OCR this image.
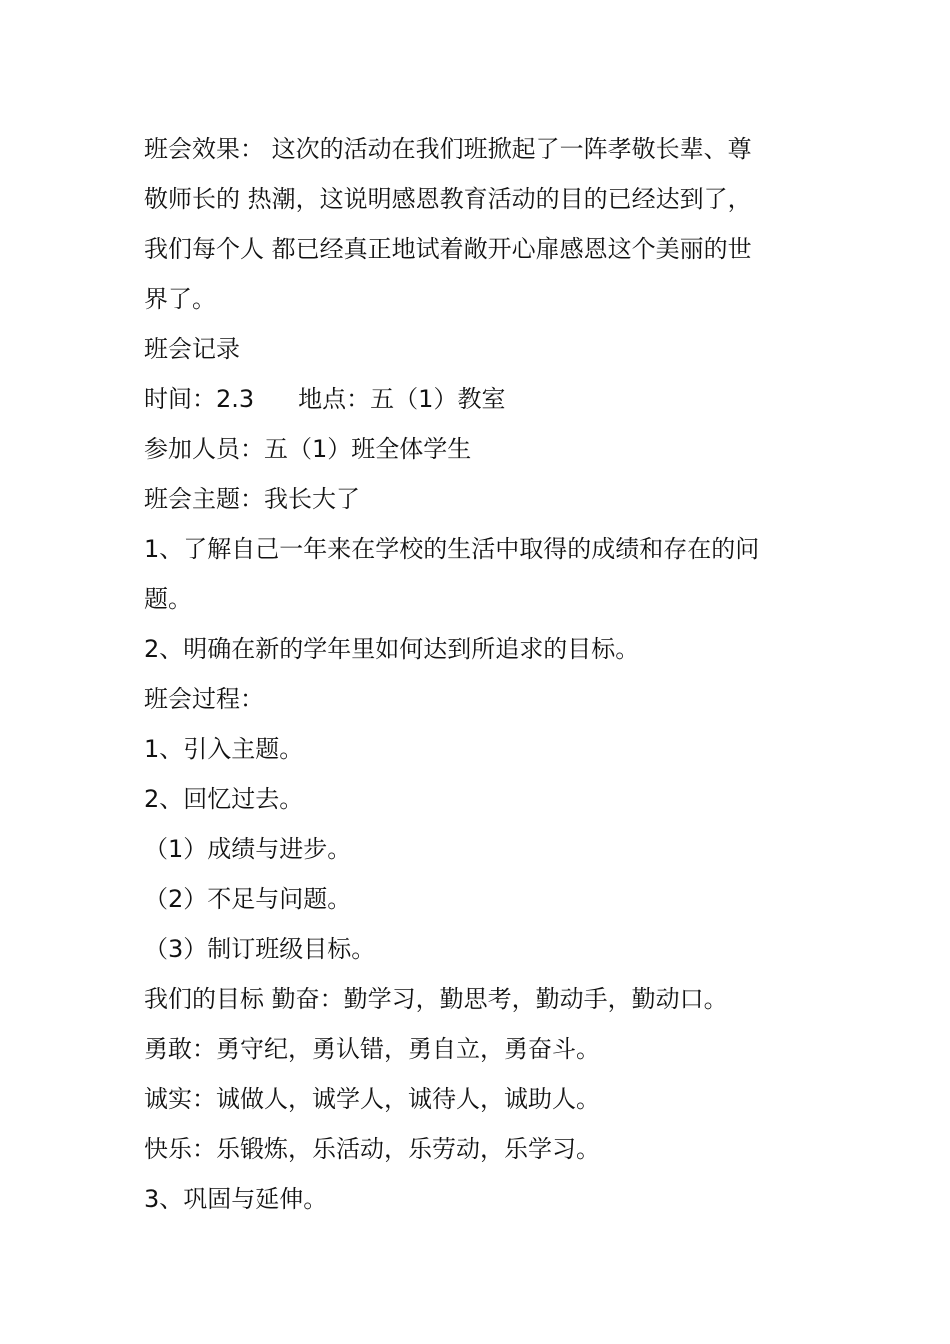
班会效果： 这次的活动在我们班掀起了一阵孝敬长辈、尊
敬师长的 热潮，这说明感恩教育活动的目的已经达到了，
我们每个人 都已经真正地试着敞开心扉感恩这个美丽的世
界了。
班会记录
时间：2.3 地点：五（1）教室
参加人员：五（1）班全体学生
班会主题：我长大了
1、了解自己一年来在学校的生活中取得的成绩和存在的问
题。
2、明确在新的学年里如何达到所追求的目标。
班会过程：
1、引入主题。
2、回忆过去。
（1）成绩与进步。
（2）不足与问题。
（3）制订班级目标。
我们的目标 勤奋：勤学习，勤思考，勤动手，勤动口。
勇敢：勇守纪，勇认错，勇自立，勇奋斗。
诚实：诚做人，诚学人，诚待人，诚助人。
快乐：乐锻炼，乐活动，乐劳动，乐学习。
3、巩固与延伸。
